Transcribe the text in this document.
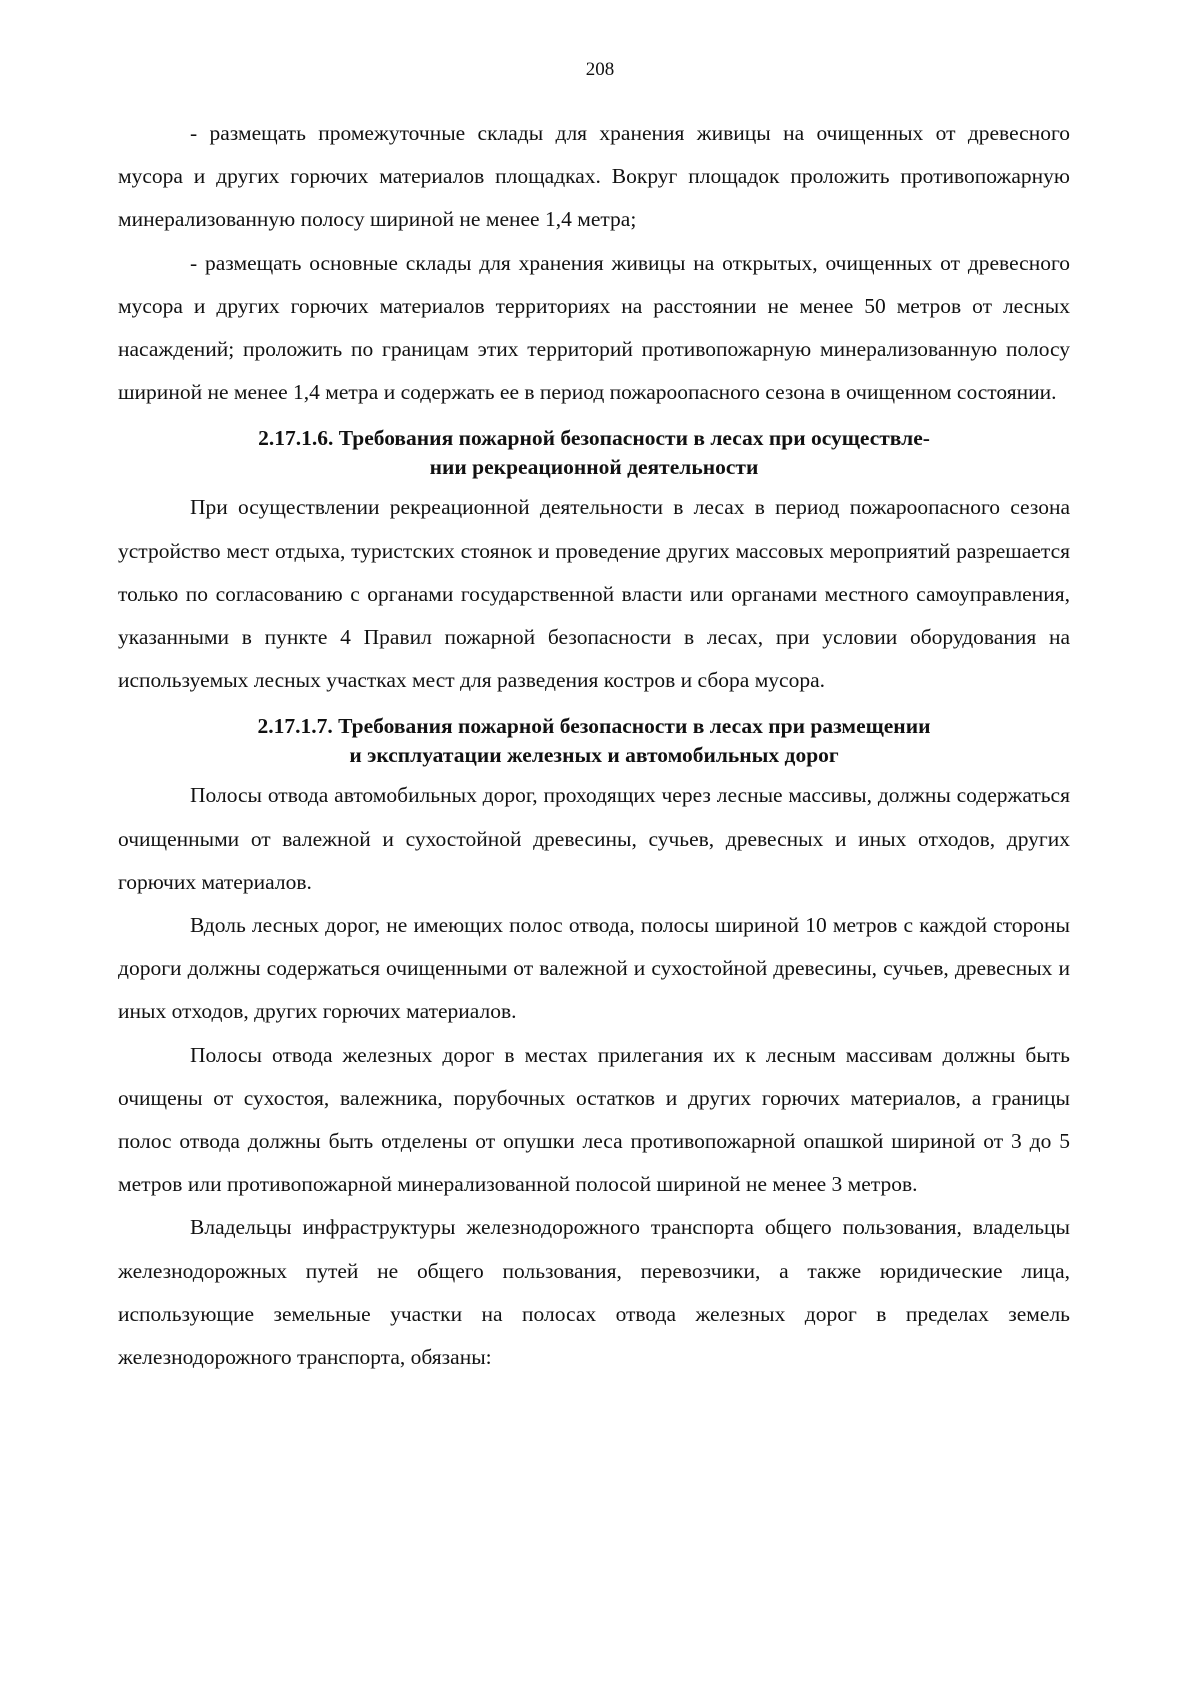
208

- размещать промежуточные склады для хранения живицы на очищенных от древесного мусора и других горючих материалов площадках. Вокруг площадок проложить противопожарную минерализованную полосу шириной не менее 1,4 метра;

- размещать основные склады для хранения живицы на открытых, очищенных от древесного мусора и других горючих материалов территориях на расстоянии не менее 50 метров от лесных насаждений; проложить по границам этих территорий противопожарную минерализованную полосу шириной не менее 1,4 метра и содержать ее в период пожароопасного сезона в очищенном состоянии.

2.17.1.6. Требования пожарной безопасности в лесах при осуществле-
нии рекреационной деятельности

При осуществлении рекреационной деятельности в лесах в период пожароопасного сезона устройство мест отдыха, туристских стоянок и проведение других массовых мероприятий разрешается только по согласованию с органами государственной власти или органами местного самоуправления, указанными в пункте 4 Правил пожарной безопасности в лесах, при условии оборудования на используемых лесных участках мест для разведения костров и сбора мусора.

2.17.1.7. Требования пожарной безопасности в лесах при размещении
и эксплуатации железных и автомобильных дорог

Полосы отвода автомобильных дорог, проходящих через лесные массивы, должны содержаться очищенными от валежной и сухостойной древесины, сучьев, древесных и иных отходов, других горючих материалов.

Вдоль лесных дорог, не имеющих полос отвода, полосы шириной 10 метров с каждой стороны дороги должны содержаться очищенными от валежной и сухостойной древесины, сучьев, древесных и иных отходов, других горючих материалов.

Полосы отвода железных дорог в местах прилегания их к лесным массивам должны быть очищены от сухостоя, валежника, порубочных остатков и других горючих материалов, а границы полос отвода должны быть отделены от опушки леса противопожарной опашкой шириной от 3 до 5 метров или противопожарной минерализованной полосой шириной не менее 3 метров.

Владельцы инфраструктуры железнодорожного транспорта общего пользования, владельцы железнодорожных путей не общего пользования, перевозчики, а также юридические лица, использующие земельные участки на полосах отвода железных дорог в пределах земель железнодорожного транспорта, обязаны:
